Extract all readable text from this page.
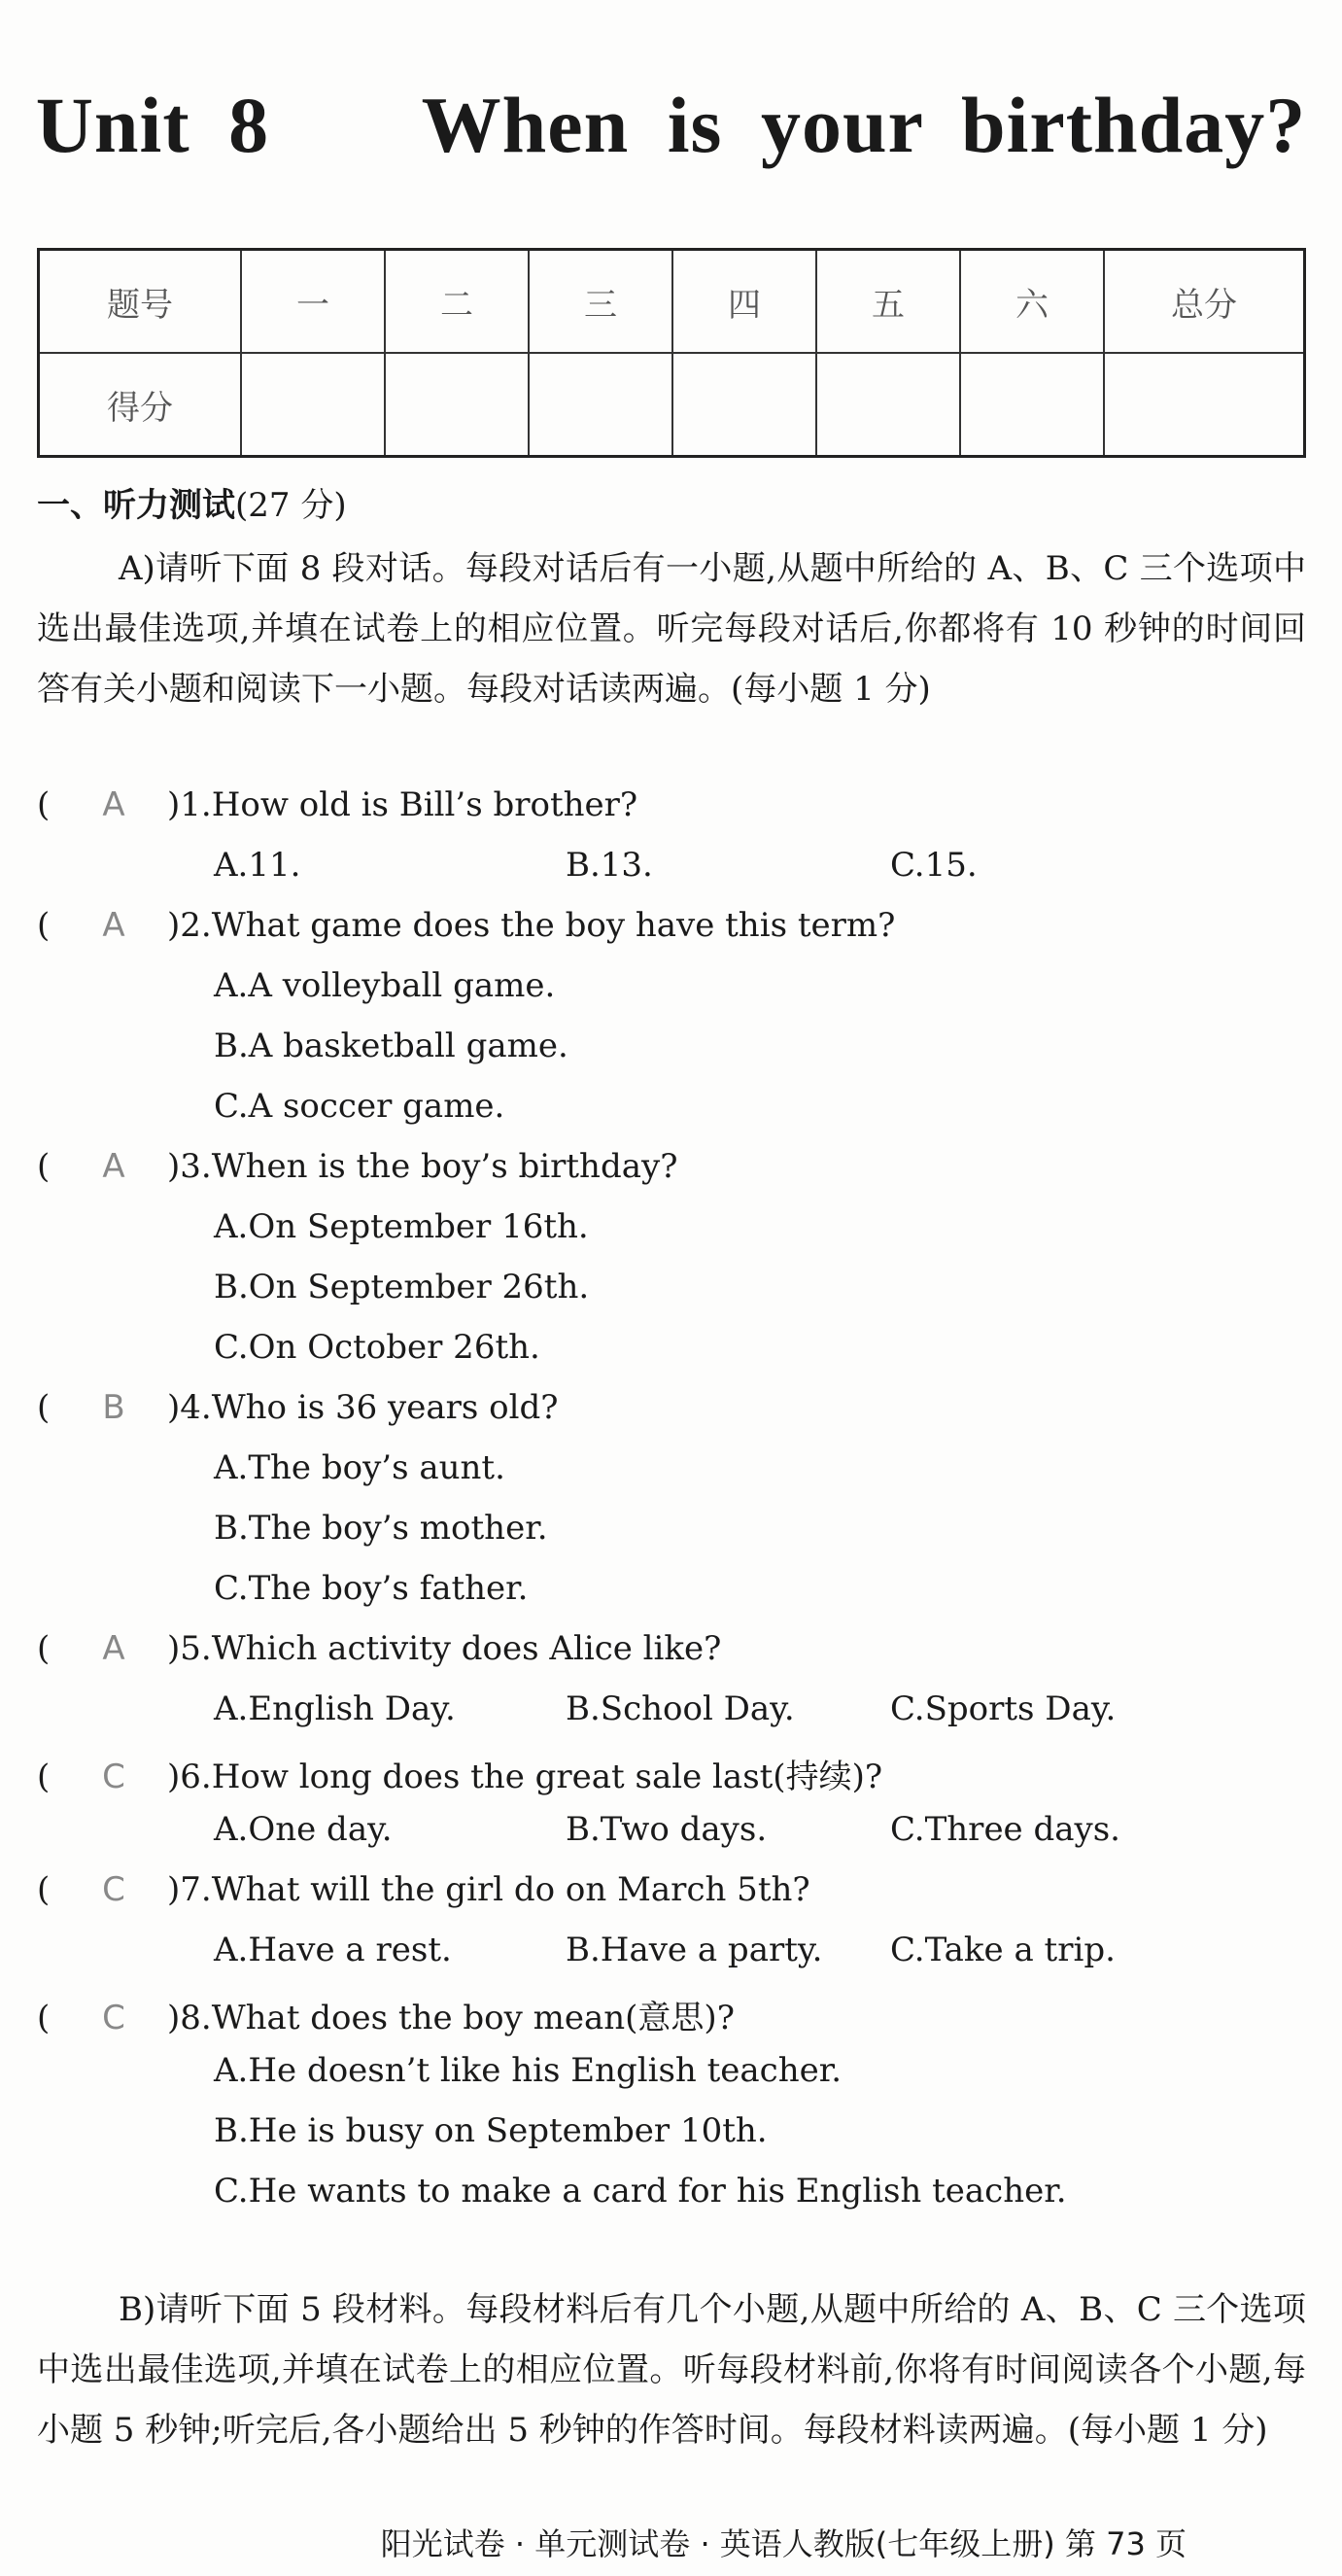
Unit 8    When is your birthday?
题号	一	二	三	四	五	六	总分
得分							
一、听力测试(27 分)
A)请听下面 8 段对话。每段对话后有一小题,从题中所给的 A、B、C 三个选项中选出最佳选项,并填在试卷上的相应位置。听完每段对话后,你都将有 10 秒钟的时间回答有关小题和阅读下一小题。每段对话读两遍。(每小题 1 分)
( A )1.How old is Bill’s brother?
A.11.	B.13.	C.15.
( A )2.What game does the boy have this term?
A.A volleyball game.
B.A basketball game.
C.A soccer game.
( A )3.When is the boy’s birthday?
A.On September 16th.
B.On September 26th.
C.On October 26th.
( B )4.Who is 36 years old?
A.The boy’s aunt.
B.The boy’s mother.
C.The boy’s father.
( A )5.Which activity does Alice like?
A.English Day.	B.School Day.	C.Sports Day.
( C )6.How long does the great sale last(持续)?
A.One day.	B.Two days.	C.Three days.
( C )7.What will the girl do on March 5th?
A.Have a rest.	B.Have a party. C.Take a trip.
( C )8.What does the boy mean(意思)?
A.He doesn’t like his English teacher.
B.He is busy on September 10th.
C.He wants to make a card for his English teacher.
B)请听下面 5 段材料。每段材料后有几个小题,从题中所给的 A、B、C 三个选项中选出最佳选项,并填在试卷上的相应位置。听每段材料前,你将有时间阅读各个小题,每小题 5 秒钟;听完后,各小题给出 5 秒钟的作答时间。每段材料读两遍。(每小题 1 分)
阳光试卷 · 单元测试卷 · 英语人教版(七年级上册) 第 73 页
